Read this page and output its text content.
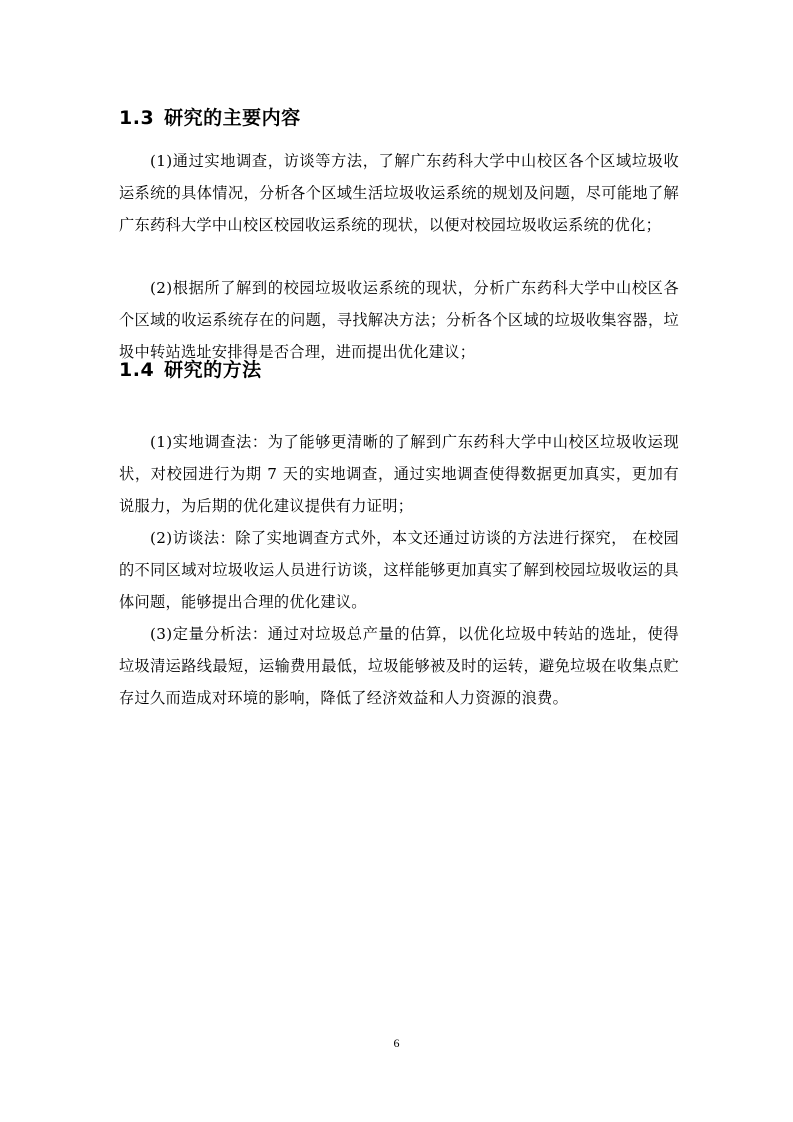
1.3 研究的主要内容

(1)通过实地调查，访谈等方法，了解广东药科大学中山校区各个区域垃圾收运系统的具体情况，分析各个区域生活垃圾收运系统的规划及问题，尽可能地了解广东药科大学中山校区校园收运系统的现状，以便对校园垃圾收运系统的优化；

(2)根据所了解到的校园垃圾收运系统的现状，分析广东药科大学中山校区各个区域的收运系统存在的问题，寻找解决方法；分析各个区域的垃圾收集容器，垃圾中转站选址安排得是否合理，进而提出优化建议；

1.4 研究的方法

(1)实地调查法：为了能够更清晰的了解到广东药科大学中山校区垃圾收运现状，对校园进行为期 7 天的实地调查，通过实地调查使得数据更加真实，更加有说服力，为后期的优化建议提供有力证明；

(2)访谈法：除了实地调查方式外，本文还通过访谈的方法进行探究， 在校园的不同区域对垃圾收运人员进行访谈，这样能够更加真实了解到校园垃圾收运的具体问题，能够提出合理的优化建议。

(3)定量分析法：通过对垃圾总产量的估算，以优化垃圾中转站的选址，使得垃圾清运路线最短，运输费用最低，垃圾能够被及时的运转，避免垃圾在收集点贮存过久而造成对环境的影响，降低了经济效益和人力资源的浪费。

6
